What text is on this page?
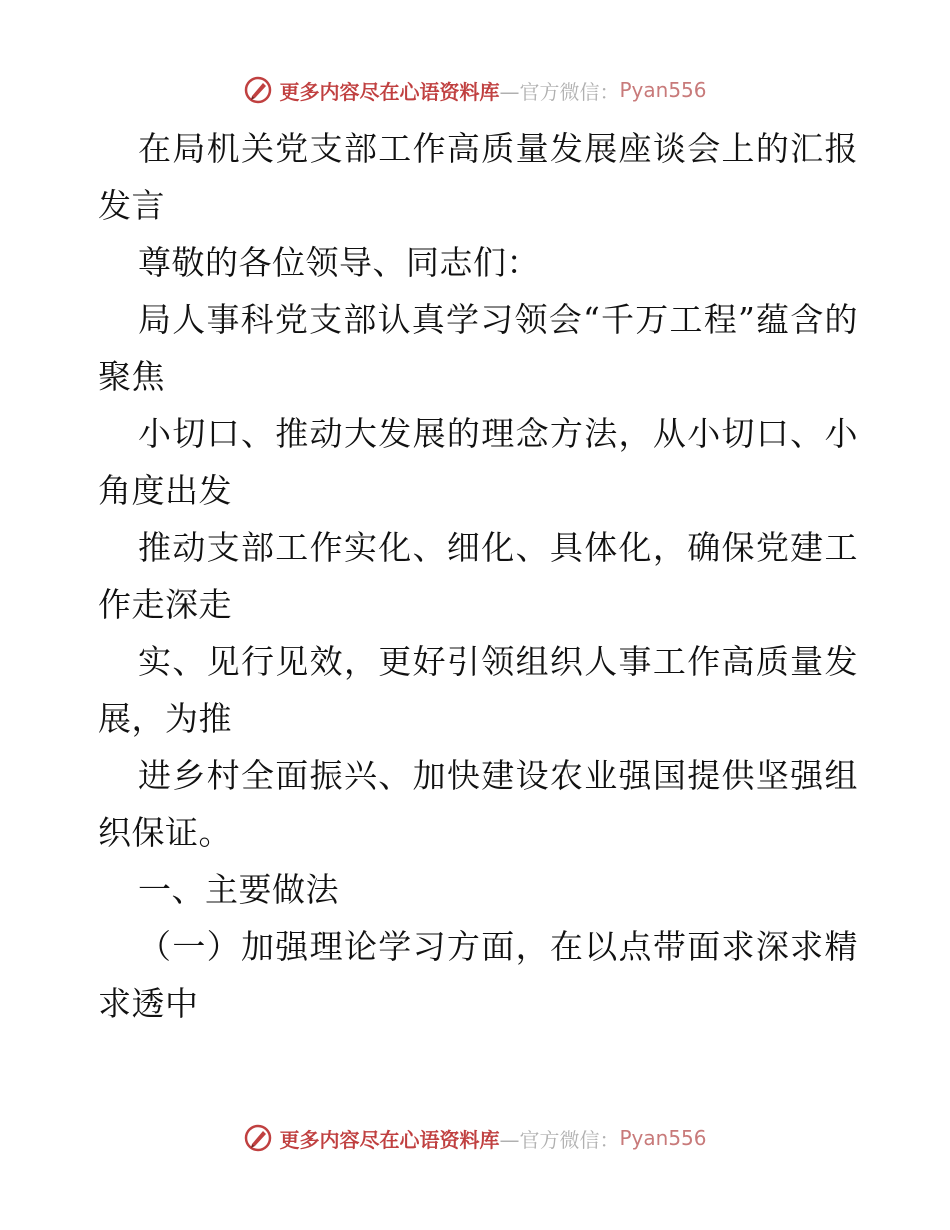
更多内容尽在心语资料库 —官方微信： Pyan556

在局机关党支部工作高质量发展座谈会上的汇报发言

尊敬的各位领导、同志们：

局人事科党支部认真学习领会“千万工程”蕴含的聚焦

小切口、推动大发展的理念方法，从小切口、小角度出发

推动支部工作实化、细化、具体化，确保党建工作走深走

实、见行见效，更好引领组织人事工作高质量发展，为推

进乡村全面振兴、加快建设农业强国提供坚强组织保证。

一、主要做法

（一）加强理论学习方面，在以点带面求深求精求透中

更多内容尽在心语资料库 —官方微信： Pyan556
